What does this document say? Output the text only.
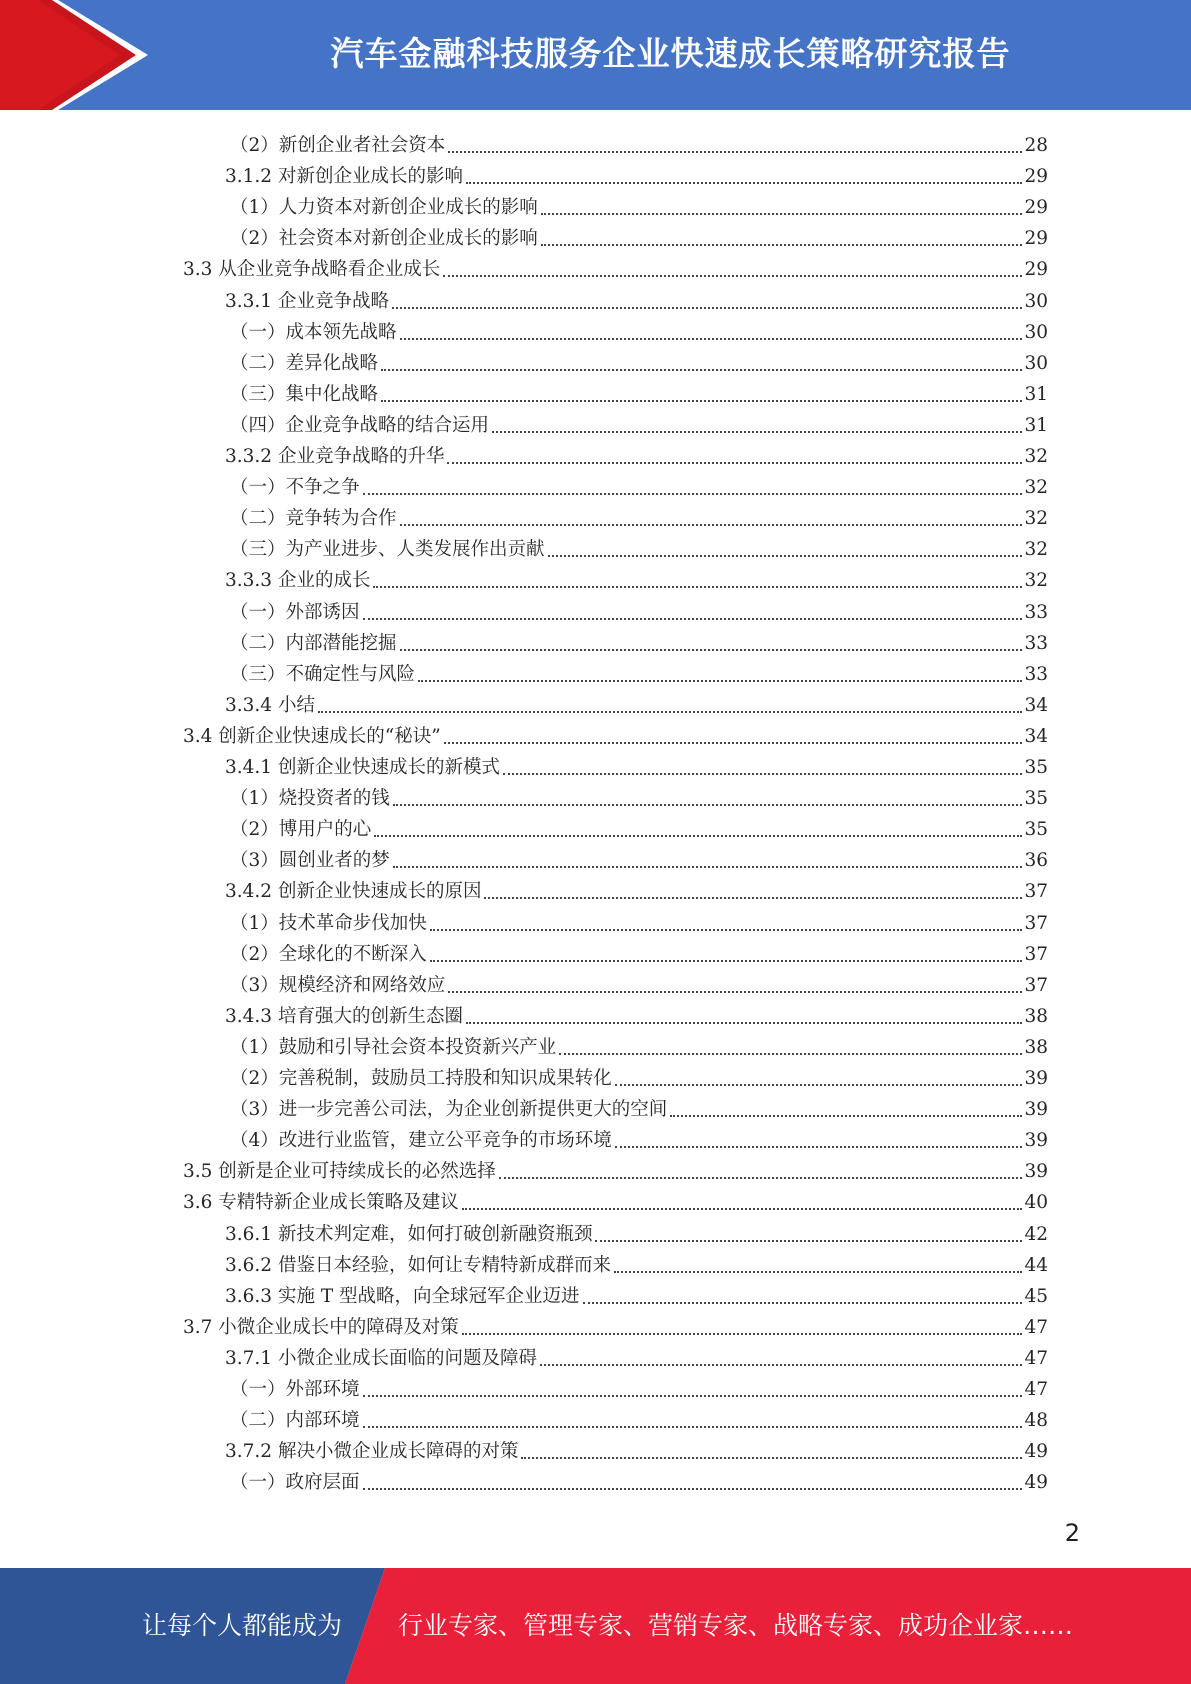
汽车金融科技服务企业快速成长策略研究报告
（2）新创企业者社会资本	28
3.1.2 对新创企业成长的影响	29
（1）人力资本对新创企业成长的影响	29
（2）社会资本对新创企业成长的影响	29
3.3 从企业竞争战略看企业成长	29
3.3.1 企业竞争战略	30
（一）成本领先战略	30
（二）差异化战略	30
（三）集中化战略	31
（四）企业竞争战略的结合运用	31
3.3.2 企业竞争战略的升华	32
（一）不争之争	32
（二）竞争转为合作	32
（三）为产业进步、人类发展作出贡献	32
3.3.3 企业的成长	32
（一）外部诱因	33
（二）内部潜能挖掘	33
（三）不确定性与风险	33
3.3.4 小结	34
3.4 创新企业快速成长的“秘诀”	34
3.4.1 创新企业快速成长的新模式	35
（1）烧投资者的钱	35
（2）博用户的心	35
（3）圆创业者的梦	36
3.4.2 创新企业快速成长的原因	37
（1）技术革命步伐加快	37
（2）全球化的不断深入	37
（3）规模经济和网络效应	37
3.4.3 培育强大的创新生态圈	38
（1）鼓励和引导社会资本投资新兴产业	38
（2）完善税制，鼓励员工持股和知识成果转化	39
（3）进一步完善公司法，为企业创新提供更大的空间	39
（4）改进行业监管，建立公平竞争的市场环境	39
3.5 创新是企业可持续成长的必然选择	39
3.6 专精特新企业成长策略及建议	40
3.6.1 新技术判定难，如何打破创新融资瓶颈	42
3.6.2 借鉴日本经验，如何让专精特新成群而来	44
3.6.3 实施 T 型战略，向全球冠军企业迈进	45
3.7 小微企业成长中的障碍及对策	47
3.7.1 小微企业成长面临的问题及障碍	47
（一）外部环境	47
（二）内部环境	48
3.7.2 解决小微企业成长障碍的对策	49
（一）政府层面	49
2
让每个人都能成为 行业专家、管理专家、营销专家、战略专家、成功企业家……
